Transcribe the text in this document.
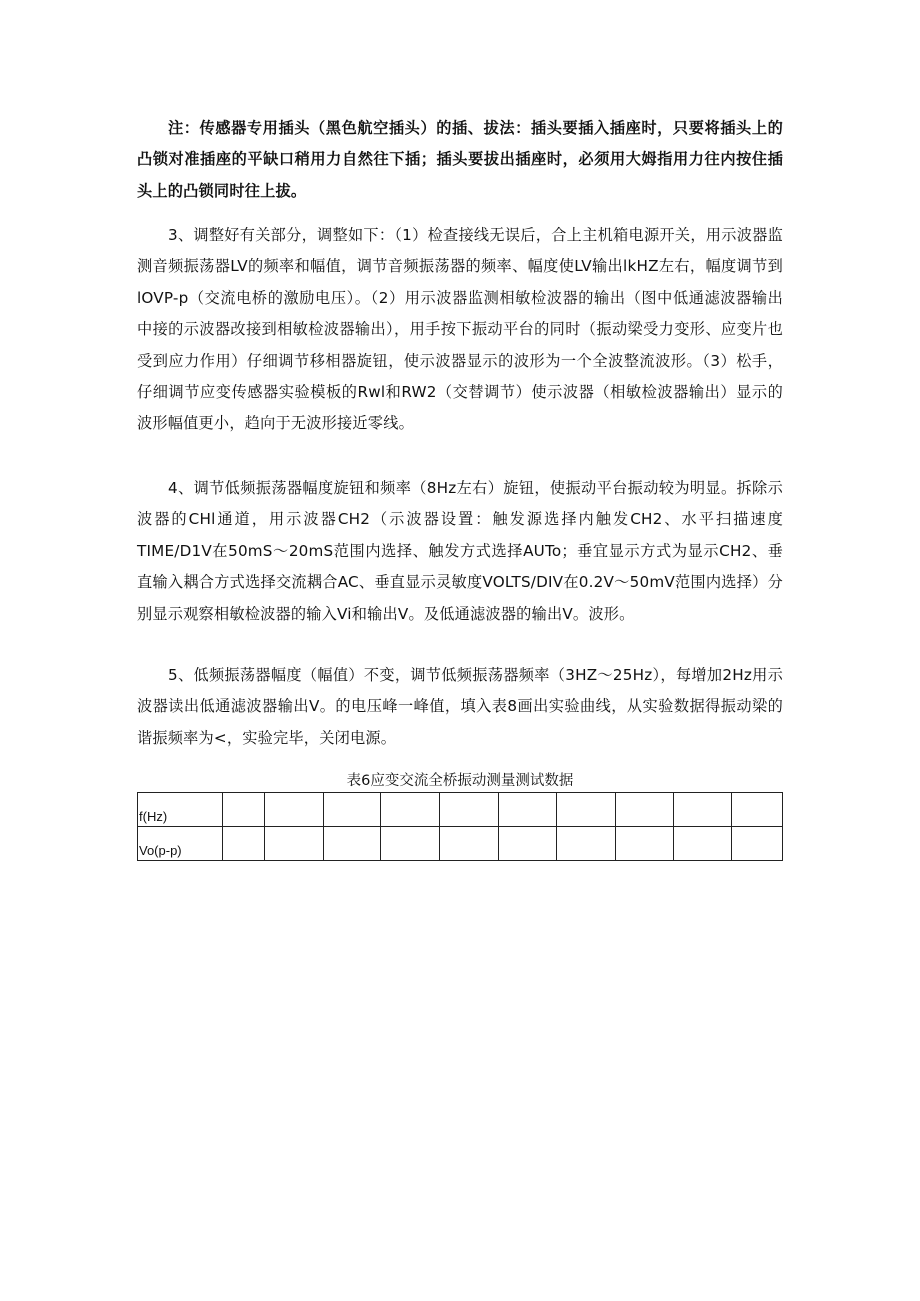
注：传感器专用插头（黑色航空插头）的插、拔法：插头要插入插座时，只要将插头上的凸锁对准插座的平缺口稍用力自然往下插；插头要拔出插座时，必须用大姆指用力往内按住插头上的凸锁同时往上拔。

3、调整好有关部分，调整如下：（1）检查接线无误后，合上主机箱电源开关，用示波器监测音频振荡器LV的频率和幅值，调节音频振荡器的频率、幅度使LV输出lkHZ左右，幅度调节到lOVP-p（交流电桥的激励电压）。（2）用示波器监测相敏检波器的输出（图中低通滤波器输出中接的示波器改接到相敏检波器输出），用手按下振动平台的同时（振动梁受力变形、应变片也受到应力作用）仔细调节移相器旋钮，使示波器显示的波形为一个全波整流波形。（3）松手，仔细调节应变传感器实验模板的Rwl和RW2（交替调节）使示波器（相敏检波器输出）显示的波形幅值更小，趋向于无波形接近零线。

4、调节低频振荡器幅度旋钮和频率（8Hz左右）旋钮，使振动平台振动较为明显。拆除示波器的CHl通道，用示波器CH2（示波器设置：触发源选择内触发CH2、水平扫描速度TIME/D1V在50mS～20mS范围内选择、触发方式选择AUTo；垂宜显示方式为显示CH2、垂直输入耦合方式选择交流耦合AC、垂直显示灵敏度VOLTS/DIV在0.2V～50mV范围内选择）分别显示观察相敏检波器的输入Vi和输出V。及低通滤波器的输出V。波形。

5、低频振荡器幅度（幅值）不变，调节低频振荡器频率（3HZ～25Hz），每增加2Hz用示波器读出低通滤波器输出V。的电压峰一峰值，填入表8画出实验曲线，从实验数据得振动梁的谐振频率为<，实验完毕，关闭电源。

表6应变交流全桥振动测量测试数据
f(Hz)										
Vo(p-p)										
